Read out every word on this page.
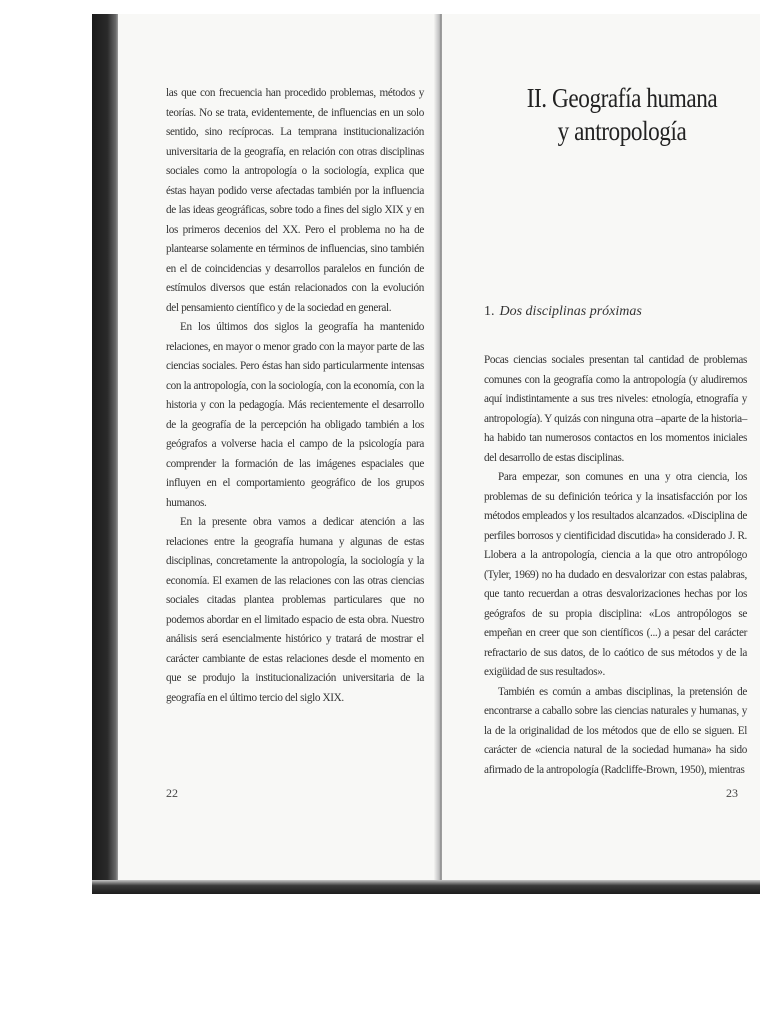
las que con frecuencia han procedido problemas, métodos y teorías. No se trata, evidentemente, de influencias en un solo sentido, sino recíprocas. La temprana institucionalización universitaria de la geografía, en relación con otras disciplinas sociales como la antropología o la sociología, explica que éstas hayan podido verse afectadas también por la influencia de las ideas geográficas, sobre todo a fines del siglo XIX y en los primeros decenios del XX. Pero el problema no ha de plantearse solamente en términos de influencias, sino también en el de coincidencias y desarrollos paralelos en función de estímulos diversos que están relacionados con la evolución del pensamiento científico y de la sociedad en general.

En los últimos dos siglos la geografía ha mantenido relaciones, en mayor o menor grado con la mayor parte de las ciencias sociales. Pero éstas han sido particularmente intensas con la antropología, con la sociología, con la economía, con la historia y con la pedagogía. Más recientemente el desarrollo de la geografía de la percepción ha obligado también a los geógrafos a volverse hacia el campo de la psicología para comprender la formación de las imágenes espaciales que influyen en el comportamiento geográfico de los grupos humanos.

En la presente obra vamos a dedicar atención a las relaciones entre la geografía humana y algunas de estas disciplinas, concretamente la antropología, la sociología y la economía. El examen de las relaciones con las otras ciencias sociales citadas plantea problemas particulares que no podemos abordar en el limitado espacio de esta obra. Nuestro análisis será esencialmente histórico y tratará de mostrar el carácter cambiante de estas relaciones desde el momento en que se produjo la institucionalización universitaria de la geografía en el último tercio del siglo XIX.

22
II. Geografía humana
y antropología
1. Dos disciplinas próximas

Pocas ciencias sociales presentan tal cantidad de problemas comunes con la geografía como la antropología (y aludiremos aquí indistintamente a sus tres niveles: etnología, etnografía y antropología). Y quizás con ninguna otra –aparte de la historia– ha habido tan numerosos contactos en los momentos iniciales del desarrollo de estas disciplinas.

Para empezar, son comunes en una y otra ciencia, los problemas de su definición teórica y la insatisfacción por los métodos empleados y los resultados alcanzados. «Disciplina de perfiles borrosos y cientificidad discutida» ha considerado J. R. Llobera a la antropología, ciencia a la que otro antropólogo (Tyler, 1969) no ha dudado en desvalorizar con estas palabras, que tanto recuerdan a otras desvalorizaciones hechas por los geógrafos de su propia disciplina: «Los antropólogos se empeñan en creer que son científicos (...) a pesar del carácter refractario de sus datos, de lo caótico de sus métodos y de la exigüidad de sus resultados».

También es común a ambas disciplinas, la pretensión de encontrarse a caballo sobre las ciencias naturales y humanas, y la de la originalidad de los métodos que de ello se siguen. El carácter de «ciencia natural de la sociedad humana» ha sido afirmado de la antropología (Radcliffe-Brown, 1950), mientras

23
